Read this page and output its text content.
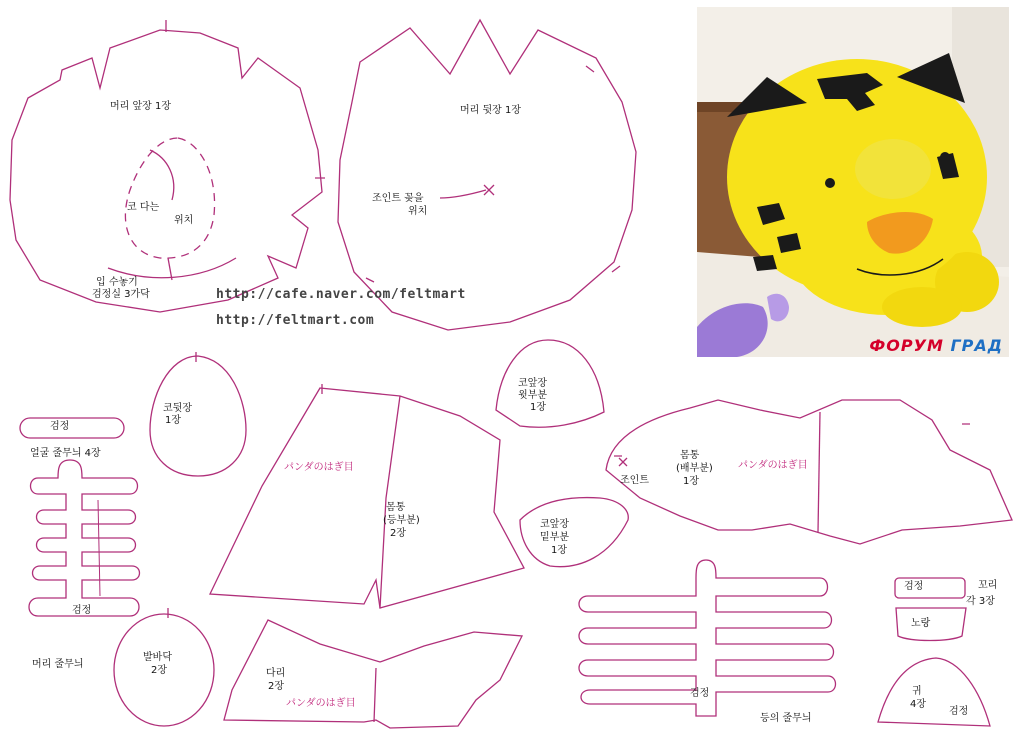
머리 앞장 1장
코 다는
위치
입 수놓기
검정실 3가닥
머리 뒷장 1장
조인트 꽂을
위치
http://cafe.naver.com/feltmart
http://feltmart.com
코뒷장
1장
코앞장
윗부분
1장
코앞장
밑부분
1장
검정
얼굴 줄무늬 4장
검정
머리 줄무늬
발바닥
2장
パンダのはぎ目
몸통
(등부분)
2장
다리
2장
パンダのはぎ目
몸통
(배부분)
1장
パンダのはぎ目
조인트
검정
등의 줄무늬
검정	꼬리
각 3장
노랑
귀
4장
검정
ФОРУМ ГРАД
